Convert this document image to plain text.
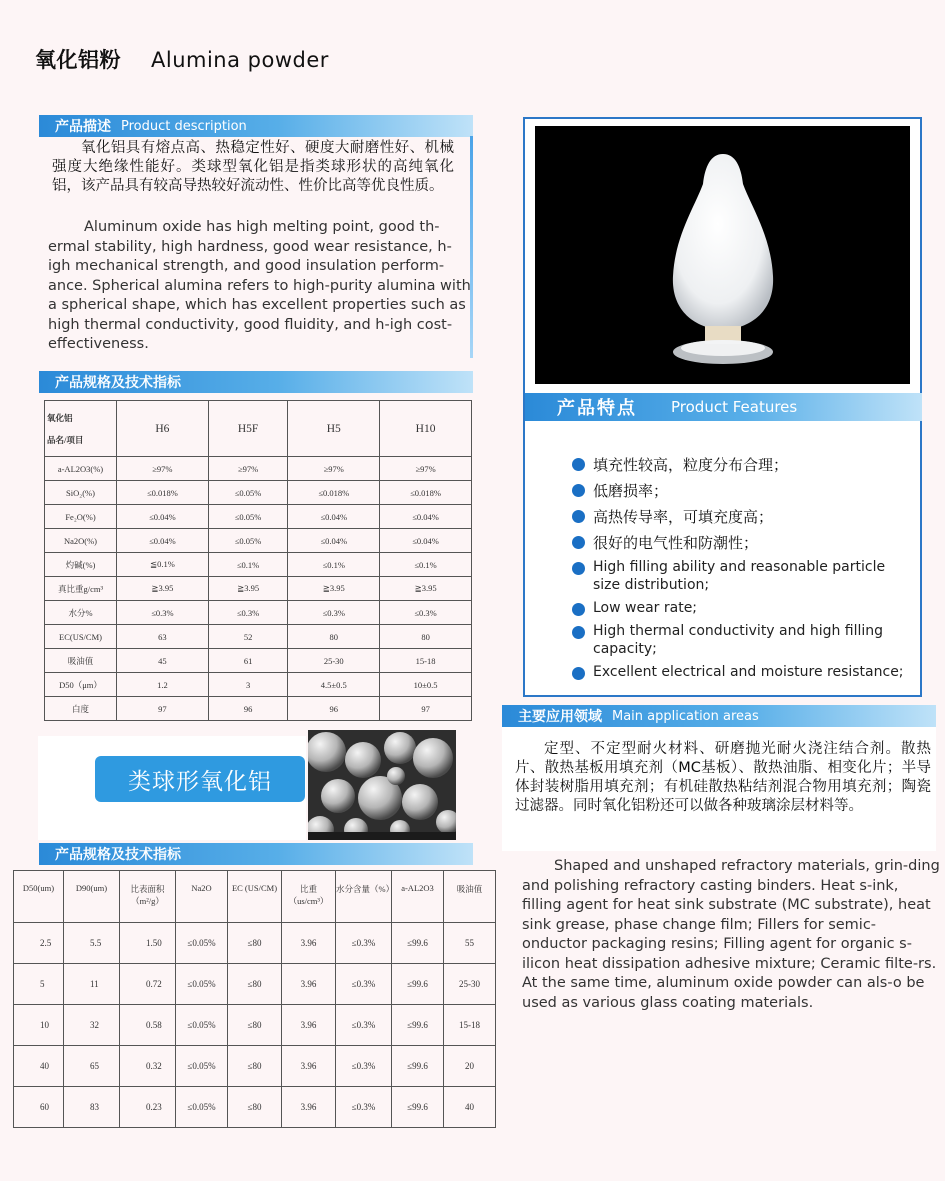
氧化铝粉 Alumina powder
产品描述 Product description
氧化铝具有熔点高、热稳定性好、硬度大耐磨性好、机械强度大绝缘性能好。类球型氧化铝是指类球形状的高纯氧化铝，该产品具有较高导热较好流动性、性价比高等优良性质。
Aluminum oxide has high melting point, good th-ermal stability, high hardness, good wear resistance, h-igh mechanical strength, and good insulation perform-ance. Spherical alumina refers to high-purity alumina with a spherical shape, which has excellent properties such as high thermal conductivity, good fluidity, and h-igh cost-effectiveness.
产品规格及技术指标
氧化铝
品名/项目	H6	H5F	H5	H10
a-AL2O3(%)	≥97%	≥97%	≥97%	≥97%
SiO₂(%)	≤0.018%	≤0.05%	≤0.018%	≤0.018%
Fe₂O(%)	≤0.04%	≤0.05%	≤0.04%	≤0.04%
Na2O(%)	≤0.04%	≤0.05%	≤0.04%	≤0.04%
灼碱(%)	≦0.1%	≤0.1%	≤0.1%	≤0.1%
真比重g/cm³	≧3.95	≧3.95	≧3.95	≧3.95
水分%	≤0.3%	≤0.3%	≤0.3%	≤0.3%
EC(US/CM)	63	52	80	80
吸油值	45	61	25-30	15-18
D50（μm）	1.2	3	4.5±0.5	10±0.5
白度	97	96	96	97
类球形氧化铝
产品规格及技术指标
D50(um)	D90(um)	比表面积（m²/g）	Na2O	EC (US/CM)	比重 （us/cm³）	水分含量（%）	a-AL2O3	吸油值
2.5	5.5	1.50	≤0.05%	≤80	3.96	≤0.3%	≤99.6	55
5	11	0.72	≤0.05%	≤80	3.96	≤0.3%	≤99.6	25-30
10	32	0.58	≤0.05%	≤80	3.96	≤0.3%	≤99.6	15-18
40	65	0.32	≤0.05%	≤80	3.96	≤0.3%	≤99.6	20
60	83	0.23	≤0.05%	≤80	3.96	≤0.3%	≤99.6	40
产品特点 Product Features
填充性较高，粒度分布合理；
低磨损率；
高热传导率，可填充度高；
很好的电气性和防潮性；
High filling ability and reasonable particle size distribution;
Low wear rate;
High thermal conductivity and high filling capacity;
Excellent electrical and moisture resistance;
主要应用领域 Main application areas
定型、不定型耐火材料、研磨抛光耐火浇注结合剂。散热片、散热基板用填充剂（MC基板）、散热油脂、相变化片；半导体封装树脂用填充剂；有机硅散热粘结剂混合物用填充剂；陶瓷过滤器。同时氧化铝粉还可以做各种玻璃涂层材料等。
Shaped and unshaped refractory materials, grin-ding and polishing refractory casting binders. Heat s-ink, filling agent for heat sink substrate (MC substrate), heat sink grease, phase change film; Fillers for semic-onductor packaging resins; Filling agent for organic s-ilicon heat dissipation adhesive mixture; Ceramic filte-rs. At the same time, aluminum oxide powder can als-o be used as various glass coating materials.
